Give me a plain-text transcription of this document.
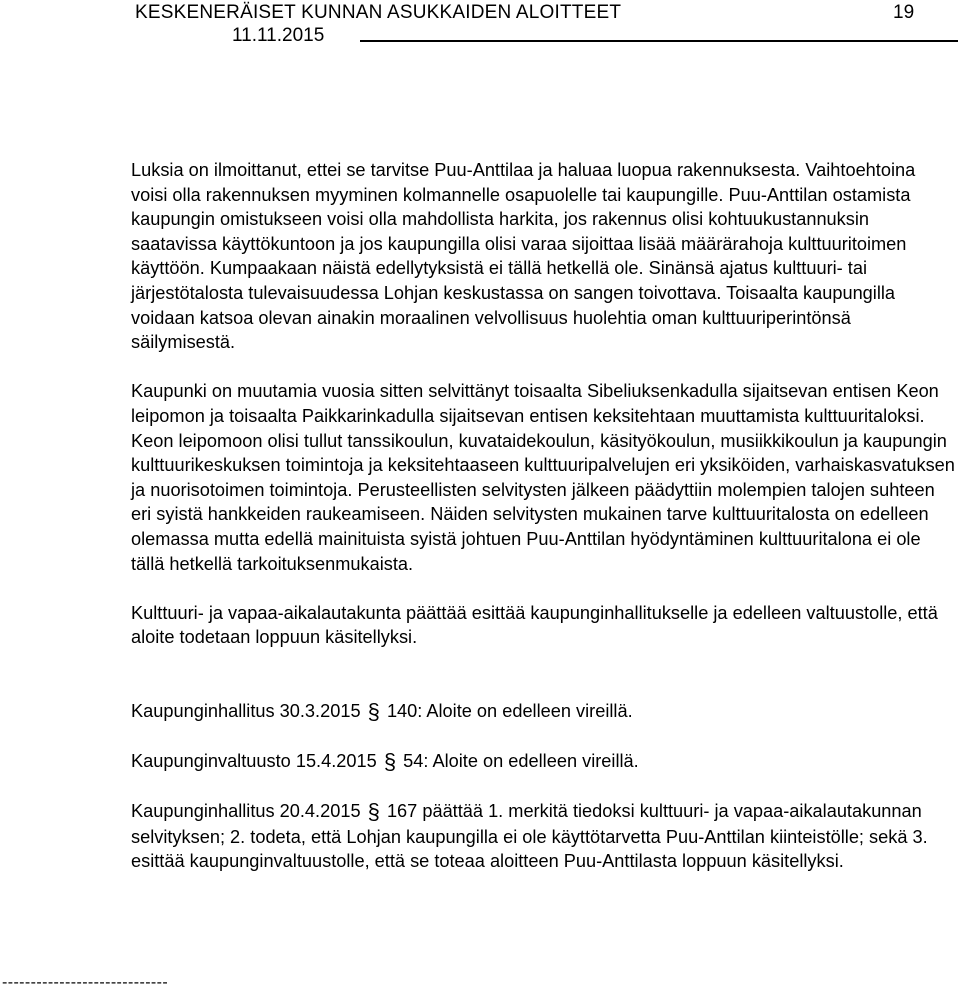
KESKENERÄISET KUNNAN ASUKKAIDEN ALOITTEET	19
11.11.2015

Luksia on ilmoittanut, ettei se tarvitse Puu-Anttilaa ja haluaa luopua rakennuksesta. Vaihtoehtoina voisi olla rakennuksen myyminen kolmannelle osapuolelle tai kaupungille. Puu-Anttilan ostamista kaupungin omistukseen voisi olla mahdollista harkita, jos rakennus olisi kohtuukustannuksin saatavissa käyttökuntoon ja jos kaupungilla olisi varaa sijoittaa lisää määrärahoja kulttuuritoimen käyttöön. Kumpaakaan näistä edellytyksistä ei tällä hetkellä ole. Sinänsä ajatus kulttuuri- tai järjestötalosta tulevaisuudessa Lohjan keskustassa on sangen toivottava. Toisaalta kaupungilla voidaan katsoa olevan ainakin moraalinen velvollisuus huolehtia oman kulttuuriperintönsä säilymisestä.

Kaupunki on muutamia vuosia sitten selvittänyt toisaalta Sibeliuksenkadulla sijaitsevan entisen Keon leipomon ja toisaalta Paikkarinkadulla sijaitsevan entisen keksitehtaan muuttamista kulttuuritaloksi. Keon leipomoon olisi tullut tanssikoulun, kuvataidekoulun, käsityökoulun, musiikkikoulun ja kaupungin kulttuurikeskuksen toimintoja ja keksitehtaaseen kulttuuripalvelujen eri yksiköiden, varhaiskasvatuksen ja nuorisotoimen toimintoja. Perusteellisten selvitysten jälkeen päädyttiin molempien talojen suhteen eri syistä hankkeiden raukeamiseen. Näiden selvitysten mukainen tarve kulttuuritalosta on edelleen olemassa mutta edellä mainituista syistä johtuen Puu-Anttilan hyödyntäminen kulttuuritalona ei ole tällä hetkellä tarkoituksenmukaista.

Kulttuuri- ja vapaa-aikalautakunta päättää esittää kaupunginhallitukselle ja edelleen valtuustolle, että aloite todetaan loppuun käsitellyksi.

Kaupunginhallitus 30.3.2015 § 140: Aloite on edelleen vireillä.

Kaupunginvaltuusto 15.4.2015 § 54: Aloite on edelleen vireillä.

Kaupunginhallitus 20.4.2015 § 167 päättää 1. merkitä tiedoksi kulttuuri- ja vapaa-aikalautakunnan selvityksen; 2. todeta, että Lohjan kaupungilla ei ole käyttötarvetta Puu-Anttilan kiinteistölle; sekä 3. esittää kaupunginvaltuustolle, että se toteaa aloitteen Puu-Anttilasta loppuun käsitellyksi.

-----------------------------
